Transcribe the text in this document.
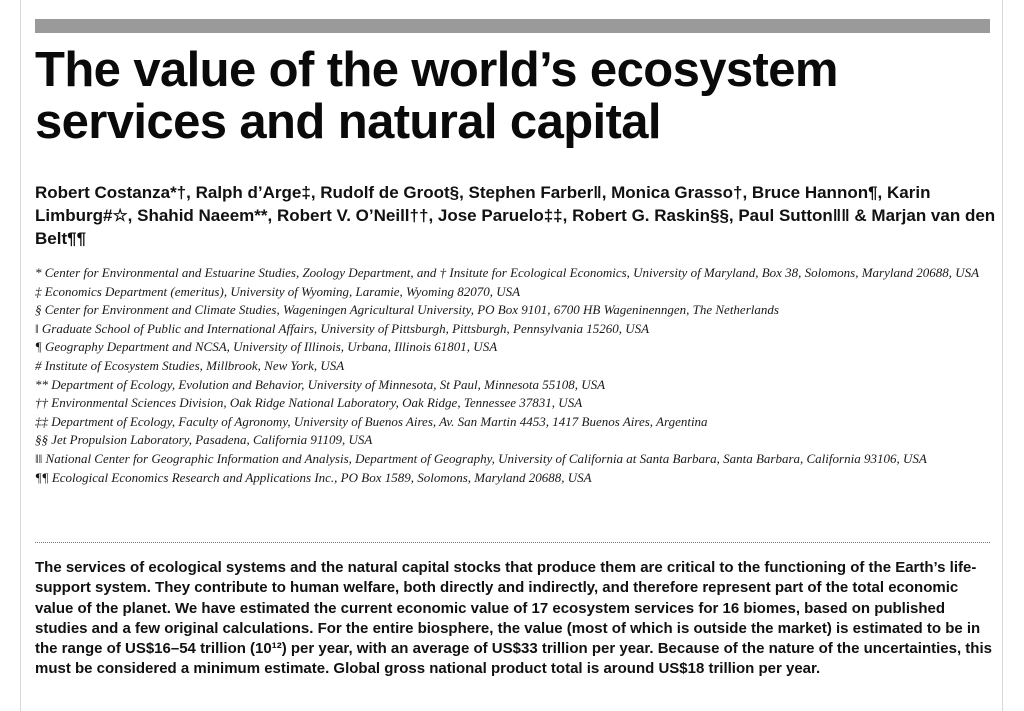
The value of the world’s ecosystem services and natural capital

Robert Costanza*†, Ralph d’Arge‡, Rudolf de Groot§, Stephen Farber‖, Monica Grasso†, Bruce Hannon¶, Karin Limburg#☆, Shahid Naeem**, Robert V. O’Neill††, Jose Paruelo‡‡, Robert G. Raskin§§, Paul Sutton‖‖ & Marjan van den Belt¶¶

* Center for Environmental and Estuarine Studies, Zoology Department, and † Insitute for Ecological Economics, University of Maryland, Box 38, Solomons, Maryland 20688, USA
‡ Economics Department (emeritus), University of Wyoming, Laramie, Wyoming 82070, USA
§ Center for Environment and Climate Studies, Wageningen Agricultural University, PO Box 9101, 6700 HB Wageninenngen, The Netherlands
‖ Graduate School of Public and International Affairs, University of Pittsburgh, Pittsburgh, Pennsylvania 15260, USA
¶ Geography Department and NCSA, University of Illinois, Urbana, Illinois 61801, USA
# Institute of Ecosystem Studies, Millbrook, New York, USA
** Department of Ecology, Evolution and Behavior, University of Minnesota, St Paul, Minnesota 55108, USA
†† Environmental Sciences Division, Oak Ridge National Laboratory, Oak Ridge, Tennessee 37831, USA
‡‡ Department of Ecology, Faculty of Agronomy, University of Buenos Aires, Av. San Martin 4453, 1417 Buenos Aires, Argentina
§§ Jet Propulsion Laboratory, Pasadena, California 91109, USA
‖‖ National Center for Geographic Information and Analysis, Department of Geography, University of California at Santa Barbara, Santa Barbara, California 93106, USA
¶¶ Ecological Economics Research and Applications Inc., PO Box 1589, Solomons, Maryland 20688, USA

The services of ecological systems and the natural capital stocks that produce them are critical to the functioning of the Earth’s life-support system. They contribute to human welfare, both directly and indirectly, and therefore represent part of the total economic value of the planet. We have estimated the current economic value of 17 ecosystem services for 16 biomes, based on published studies and a few original calculations. For the entire biosphere, the value (most of which is outside the market) is estimated to be in the range of US$16–54 trillion (10¹²) per year, with an average of US$33 trillion per year. Because of the nature of the uncertainties, this must be considered a minimum estimate. Global gross national product total is around US$18 trillion per year.
